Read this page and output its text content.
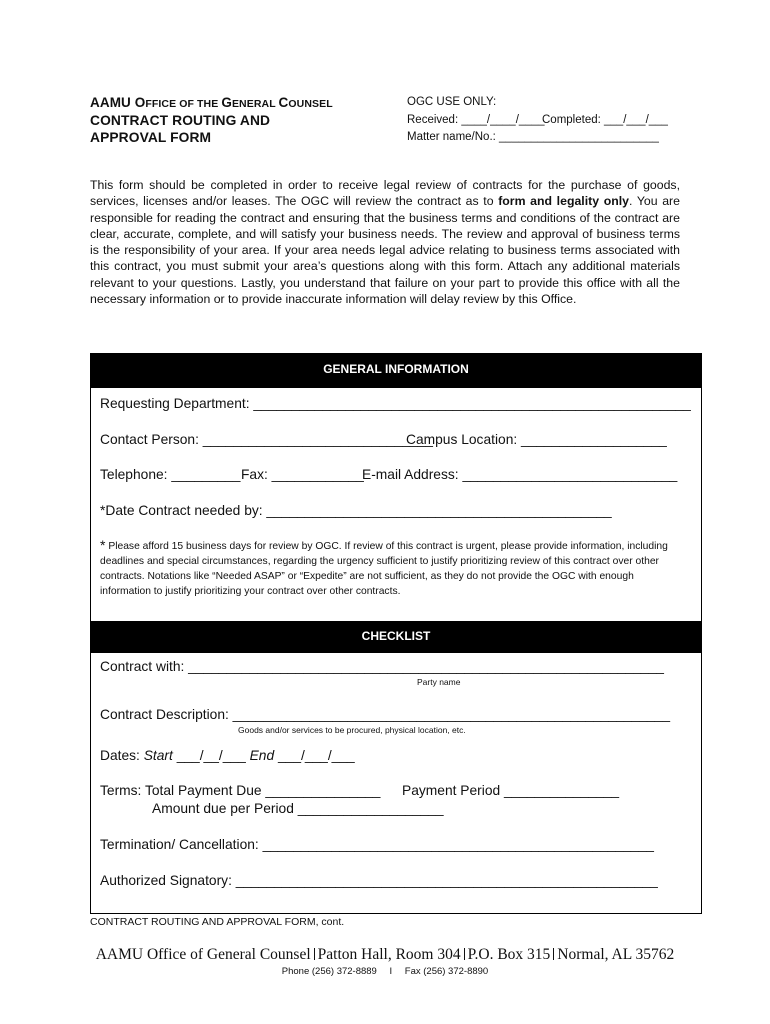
AAMU OFFICE OF THE GENERAL COUNSEL
CONTRACT ROUTING AND
APPROVAL FORM
OGC USE ONLY:
Received: ____/____/____
Completed: ___/___/___
Matter name/No.: _________________________
This form should be completed in order to receive legal review of contracts for the purchase of goods, services, licenses and/or leases. The OGC will review the contract as to form and legality only. You are responsible for reading the contract and ensuring that the business terms and conditions of the contract are clear, accurate, complete, and will satisfy your business needs. The review and approval of business terms is the responsibility of your area. If your area needs legal advice relating to business terms associated with this contract, you must submit your area’s questions along with this form. Attach any additional materials relevant to your questions. Lastly, you understand that failure on your part to provide this office with all the necessary information or to provide inaccurate information will delay review by this Office.
GENERAL INFORMATION
Requesting Department: _________________________________________________________
Contact Person: ______________________________
Campus Location: ___________________
Telephone: _________ Fax: ____________
E-mail Address: ____________________________
*Date Contract needed by: _____________________________________________
* Please afford 15 business days for review by OGC. If review of this contract is urgent, please provide information, including deadlines and special circumstances, regarding the urgency sufficient to justify prioritizing review of this contract over other contracts. Notations like “Needed ASAP” or “Expedite” are not sufficient, as they do not provide the OGC with enough information to justify prioritizing your contract over other contracts.
CHECKLIST
Contract with: ______________________________________________________________
Party name
Contract Description: _________________________________________________________
Goods and/or services to be procured, physical location, etc.
Dates: Start ___/__/___ End ___/___/___
Terms: Total Payment Due _______________ Payment Period _______________
Amount due per Period ___________________
Termination/ Cancellation: ___________________________________________________
Authorized Signatory: _______________________________________________________
CONTRACT ROUTING AND APPROVAL FORM, cont.
AAMU Office of General Counsel Patton Hall, Room 304 P.O. Box 315 Normal, AL 35762
Phone (256) 372-8889 I Fax (256) 372-8890
